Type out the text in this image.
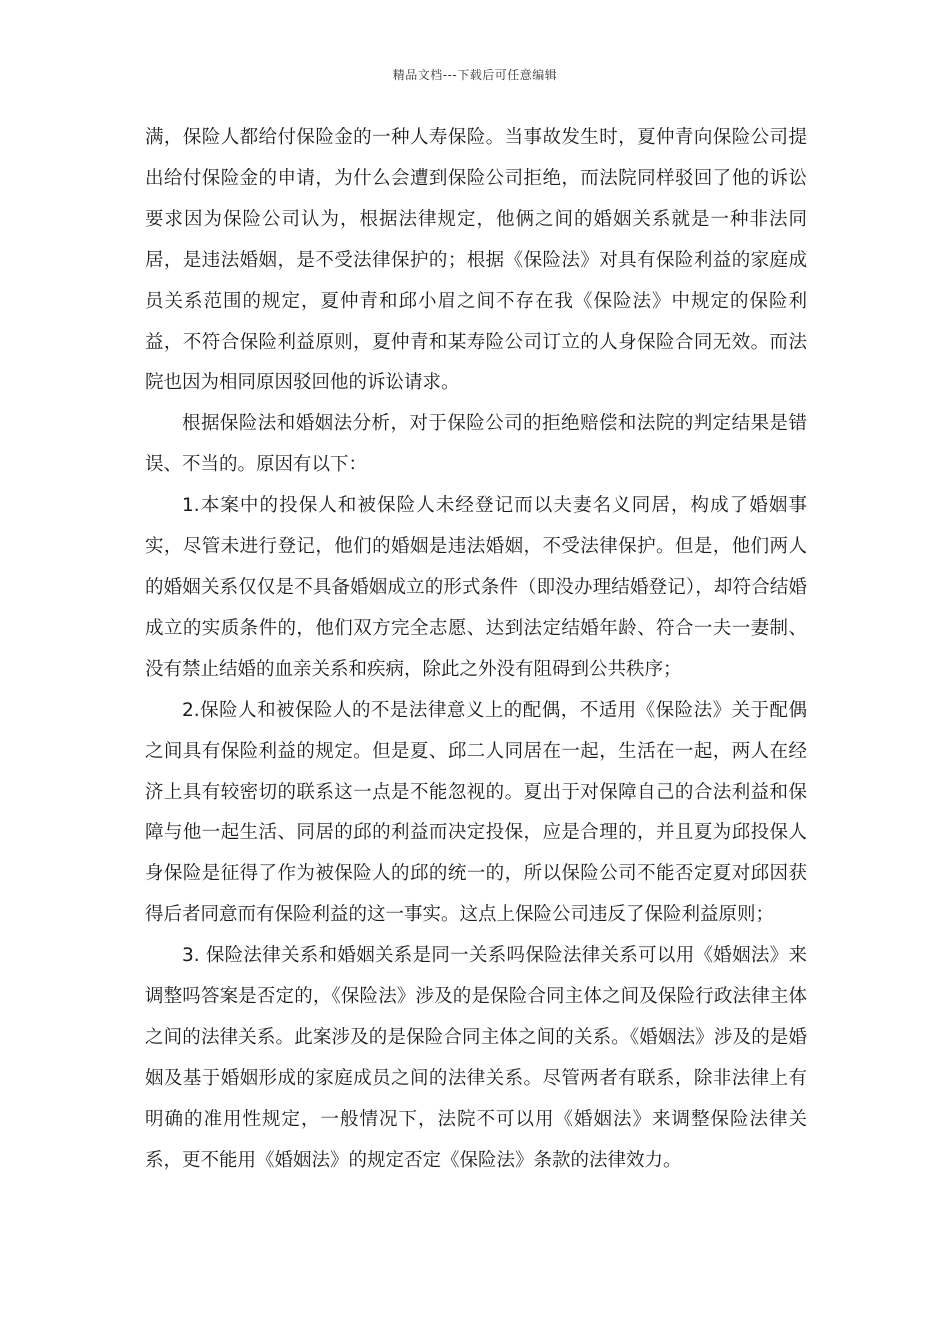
精品文档---下载后可任意编辑

满，保险人都给付保险金的一种人寿保险。当事故发生时，夏仲青向保险公司提出给付保险金的申请，为什么会遭到保险公司拒绝，而法院同样驳回了他的诉讼要求因为保险公司认为，根据法律规定，他俩之间的婚姻关系就是一种非法同居，是违法婚姻，是不受法律保护的；根据《保险法》对具有保险利益的家庭成员关系范围的规定，夏仲青和邱小眉之间不存在我《保险法》中规定的保险利益，不符合保险利益原则，夏仲青和某寿险公司订立的人身保险合同无效。而法院也因为相同原因驳回他的诉讼请求。

根据保险法和婚姻法分析，对于保险公司的拒绝赔偿和法院的判定结果是错误、不当的。原因有以下：

1.本案中的投保人和被保险人未经登记而以夫妻名义同居，构成了婚姻事实，尽管未进行登记，他们的婚姻是违法婚姻，不受法律保护。但是，他们两人的婚姻关系仅仅是不具备婚姻成立的形式条件（即没办理结婚登记），却符合结婚成立的实质条件的，他们双方完全志愿、达到法定结婚年龄、符合一夫一妻制、没有禁止结婚的血亲关系和疾病，除此之外没有阻碍到公共秩序；

2.保险人和被保险人的不是法律意义上的配偶，不适用《保险法》关于配偶之间具有保险利益的规定。但是夏、邱二人同居在一起，生活在一起，两人在经济上具有较密切的联系这一点是不能忽视的。夏出于对保障自己的合法利益和保障与他一起生活、同居的邱的利益而决定投保，应是合理的，并且夏为邱投保人身保险是征得了作为被保险人的邱的统一的，所以保险公司不能否定夏对邱因获得后者同意而有保险利益的这一事实。这点上保险公司违反了保险利益原则；

3. 保险法律关系和婚姻关系是同一关系吗保险法律关系可以用《婚姻法》来调整吗答案是否定的，《保险法》涉及的是保险合同主体之间及保险行政法律主体之间的法律关系。此案涉及的是保险合同主体之间的关系。《婚姻法》涉及的是婚姻及基于婚姻形成的家庭成员之间的法律关系。尽管两者有联系，除非法律上有明确的准用性规定，一般情况下，法院不可以用《婚姻法》来调整保险法律关系，更不能用《婚姻法》的规定否定《保险法》条款的法律效力。
